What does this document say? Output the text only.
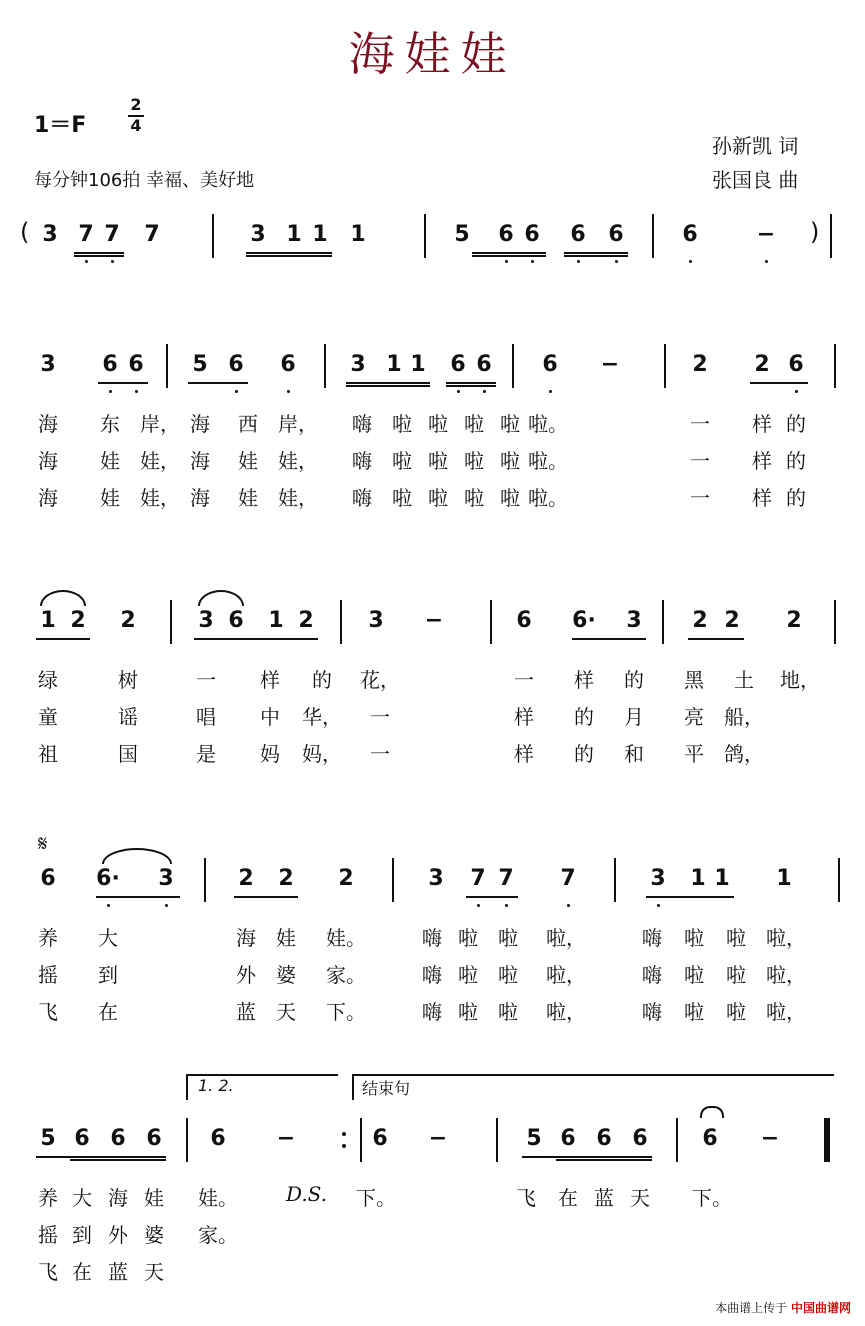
海娃娃
1＝F
2
4
孙新凯 词
每分钟106拍 幸福、美好地	张国良 曲
3 7 7 7	3 1 1 1	5 6 6 6 6	6	−
(	)
3 6 6 5 6 6 3 1 1 6 6 6 −	2 2 6
海 东 岸， 海 西 岸， 嗨 啦 啦 啦 啦 啦。	一 样 的
海 娃 娃， 海 娃 娃， 嗨 啦 啦 啦 啦 啦。	一 样 的
海 娃 娃， 海 娃 娃， 嗨 啦 啦 啦 啦 啦。	一 样 的
1 2 2	3 6 1 2 3 −	6 6· 3 2 2 2
绿	树	一 样 的 花，	一 样 的 黑 土 地，
童	谣	唱 中 华， 一	样 的 月 亮 船，
祖	国	是 妈 妈， 一	样 的 和 平 鸽，
6 6· 3	2 2 2	3 7 7 7	3 1 1 1
养 大	海 娃 娃。	嗨 啦 啦 啦，	嗨 啦 啦 啦，
摇 到	外 婆 家。	嗨 啦 啦 啦，	嗨 啦 啦 啦，
飞 在	蓝 天 下。	嗨 啦 啦 啦，	嗨 啦 啦 啦，
𝄋
5 6 6 6 6 −	6 −	5 6 6 6 6 −
养 大 海 娃 娃。	下。	飞 在 蓝 天 下。
摇 到 外 婆 家。
飞 在 蓝 天
1. 2.	结束句
D.S.
本曲谱上传于 中国曲谱网
